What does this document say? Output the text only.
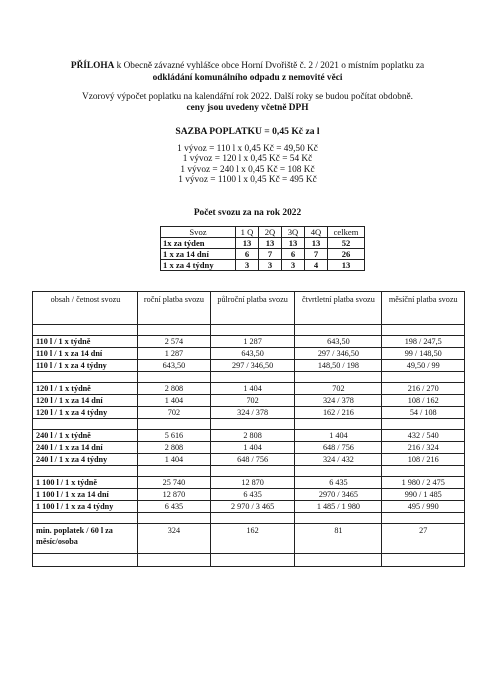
PŘÍLOHA k Obecně závazné vyhlášce obce Horní Dvořiště č. 2 / 2021 o místním poplatku za
odkládání komunálního odpadu z nemovité věci
Vzorový výpočet poplatku na kalendářní rok 2022. Další roky se budou počítat obdobně.
ceny jsou uvedeny včetně DPH
SAZBA POPLATKU = 0,45 Kč za l
1 vývoz = 110 l x 0,45 Kč = 49,50 Kč
1 vývoz = 120 l x 0,45 Kč = 54 Kč
1 vývoz = 240 l x 0,45 Kč = 108 Kč
1 vývoz = 1100 l x 0,45 Kč = 495 Kč
Počet svozu za na rok 2022
Svoz	1 Q	2Q	3Q	4Q	celkem
1x za týden	13	13	13	13	52
1 x za 14 dní	6	7	6	7	26
1 x za 4 týdny	3	3	3	4	13
obsah / četnost svozu	roční platba svozu	půlroční platba svozu	čtvrtletní platba svozu	měsíční platba svozu

110 l / 1 x týdně	2 574	1 287	643,50	198 / 247,5
110 l / 1 x za 14 dní	1 287	643,50	297 / 346,50	99 / 148,50
110 l / 1 x za 4 týdny	643,50	297 / 346,50	148,50 / 198	49,50 / 99

120 l / 1 x týdně	2 808	1 404	702	216 / 270
120 l / 1 x za 14 dní	1 404	702	324 / 378	108 / 162
120 l / 1 x za 4 týdny	702	324 / 378	162 / 216	54 / 108

240 l / 1 x týdně	5 616	2 808	1 404	432 / 540
240 l / 1 x za 14 dní	2 808	1 404	648 / 756	216 / 324
240 l / 1 x za 4 týdny	1 404	648 / 756	324 / 432	108 / 216

1 100 l / 1 x týdně	25 740	12 870	6 435	1 980 / 2 475
1 100 l / 1 x za 14 dní	12 870	6 435	2970 / 3465	990 / 1 485
1 100 l / 1 x za 4 týdny	6 435	2 970 / 3 465	1 485 / 1 980	495 / 990

min. poplatek / 60 l za měsíc/osoba	324	162	81	27
